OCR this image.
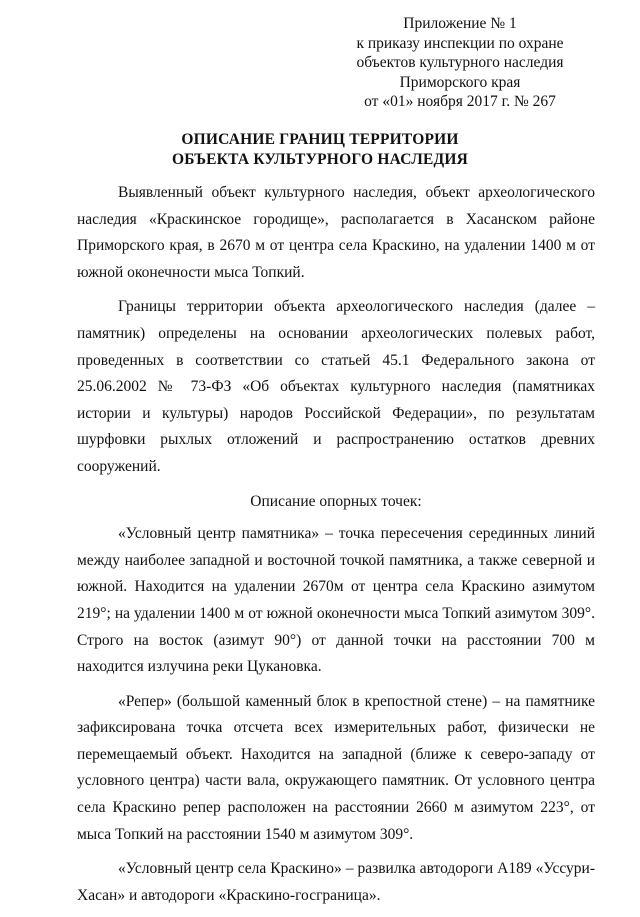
Приложение № 1
к приказу инспекции по охране
объектов культурного наследия
Приморского края
от «01» ноября 2017 г. № 267
ОПИСАНИЕ ГРАНИЦ ТЕРРИТОРИИ
ОБЪЕКТА КУЛЬТУРНОГО НАСЛЕДИЯ

Выявленный объект культурного наследия, объект археологического наследия «Краскинское городище», располагается в Хасанском районе Приморского края, в 2670 м от центра села Краскино, на удалении 1400 м от южной оконечности мыса Топкий.

Границы территории объекта археологического наследия (далее – памятник) определены на основании археологических полевых работ, проведенных в соответствии со статьей 45.1 Федерального закона от 25.06.2002 № 73-ФЗ «Об объектах культурного наследия (памятниках истории и культуры) народов Российской Федерации», по результатам шурфовки рыхлых отложений и распространению остатков древних сооружений.

Описание опорных точек:

«Условный центр памятника» – точка пересечения серединных линий между наиболее западной и восточной точкой памятника, а также северной и южной. Находится на удалении 2670м от центра села Краскино азимутом 219°; на удалении 1400 м от южной оконечности мыса Топкий азимутом 309°. Строго на восток (азимут 90°) от данной точки на расстоянии 700 м находится излучина реки Цукановка.

«Репер» (большой каменный блок в крепостной стене) – на памятнике зафиксирована точка отсчета всех измерительных работ, физически не перемещаемый объект. Находится на западной (ближе к северо-западу от условного центра) части вала, окружающего памятник. От условного центра села Краскино репер расположен на расстоянии 2660 м азимутом 223°, от мыса Топкий на расстоянии 1540 м азимутом 309°.

«Условный центр села Краскино» – развилка автодороги А189 «Уссури-Хасан» и автодороги «Краскино-госграница».
